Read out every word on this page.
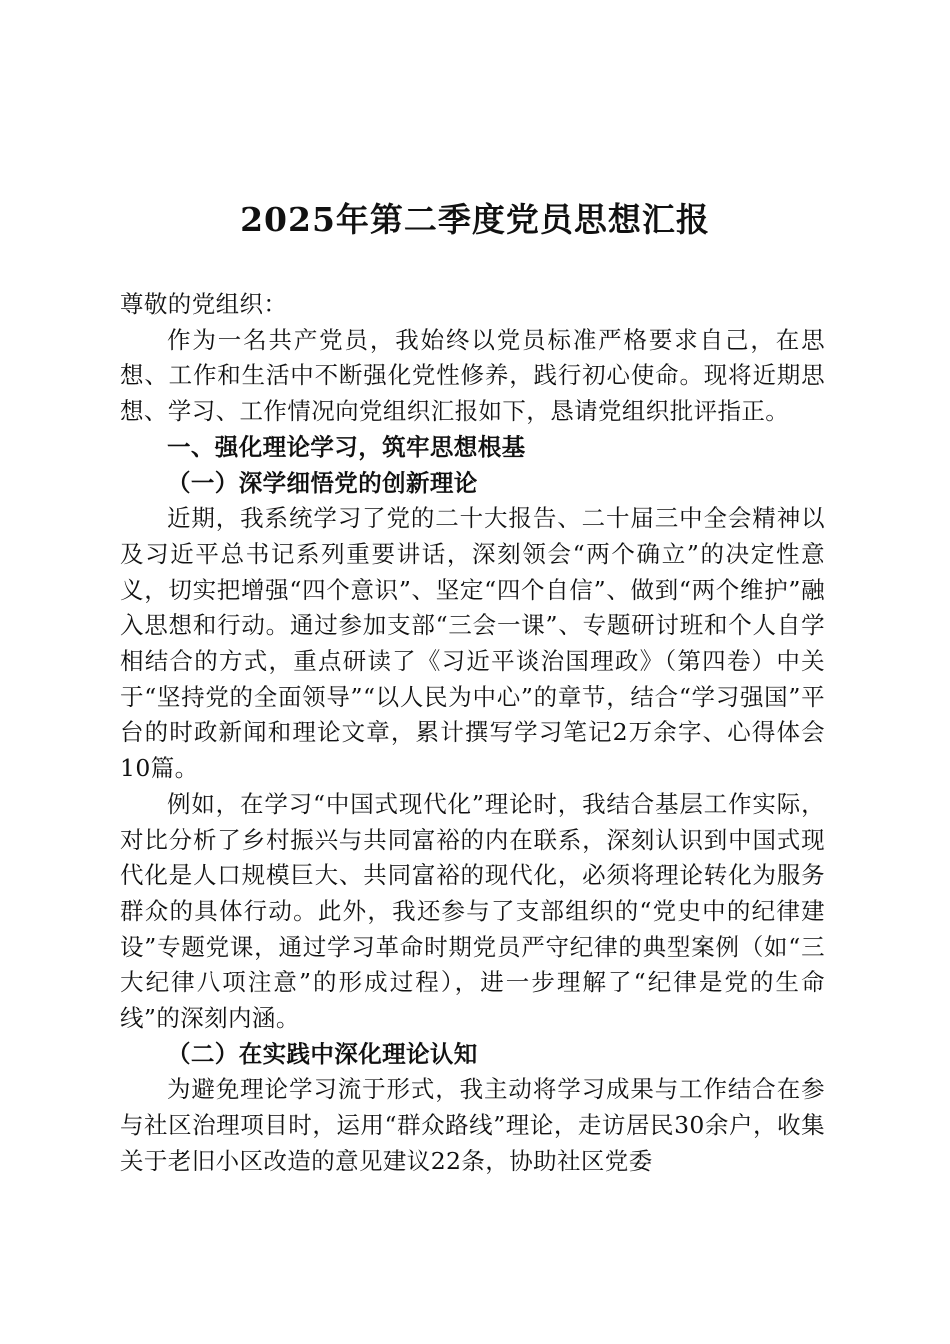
2025年第二季度党员思想汇报

尊敬的党组织：

作为一名共产党员，我始终以党员标准严格要求自己，在思想、工作和生活中不断强化党性修养，践行初心使命。现将近期思想、学习、工作情况向党组织汇报如下，恳请党组织批评指正。

一、强化理论学习，筑牢思想根基

（一）深学细悟党的创新理论

近期，我系统学习了党的二十大报告、二十届三中全会精神以及习近平总书记系列重要讲话，深刻领会“两个确立”的决定性意义，切实把增强“四个意识”、坚定“四个自信”、做到“两个维护”融入思想和行动。通过参加支部“三会一课”、专题研讨班和个人自学相结合的方式，重点研读了《习近平谈治国理政》（第四卷）中关于“坚持党的全面领导”“以人民为中心”的章节，结合“学习强国”平台的时政新闻和理论文章，累计撰写学习笔记2万余字、心得体会10篇。

例如，在学习“中国式现代化”理论时，我结合基层工作实际，对比分析了乡村振兴与共同富裕的内在联系，深刻认识到中国式现代化是人口规模巨大、共同富裕的现代化，必须将理论转化为服务群众的具体行动。此外，我还参与了支部组织的“党史中的纪律建设”专题党课，通过学习革命时期党员严守纪律的典型案例（如“三大纪律八项注意”的形成过程），进一步理解了“纪律是党的生命线”的深刻内涵。

（二）在实践中深化理论认知

为避免理论学习流于形式，我主动将学习成果与工作结合在参与社区治理项目时，运用“群众路线”理论，走访居民30余户，收集关于老旧小区改造的意见建议22条，协助社区党委
